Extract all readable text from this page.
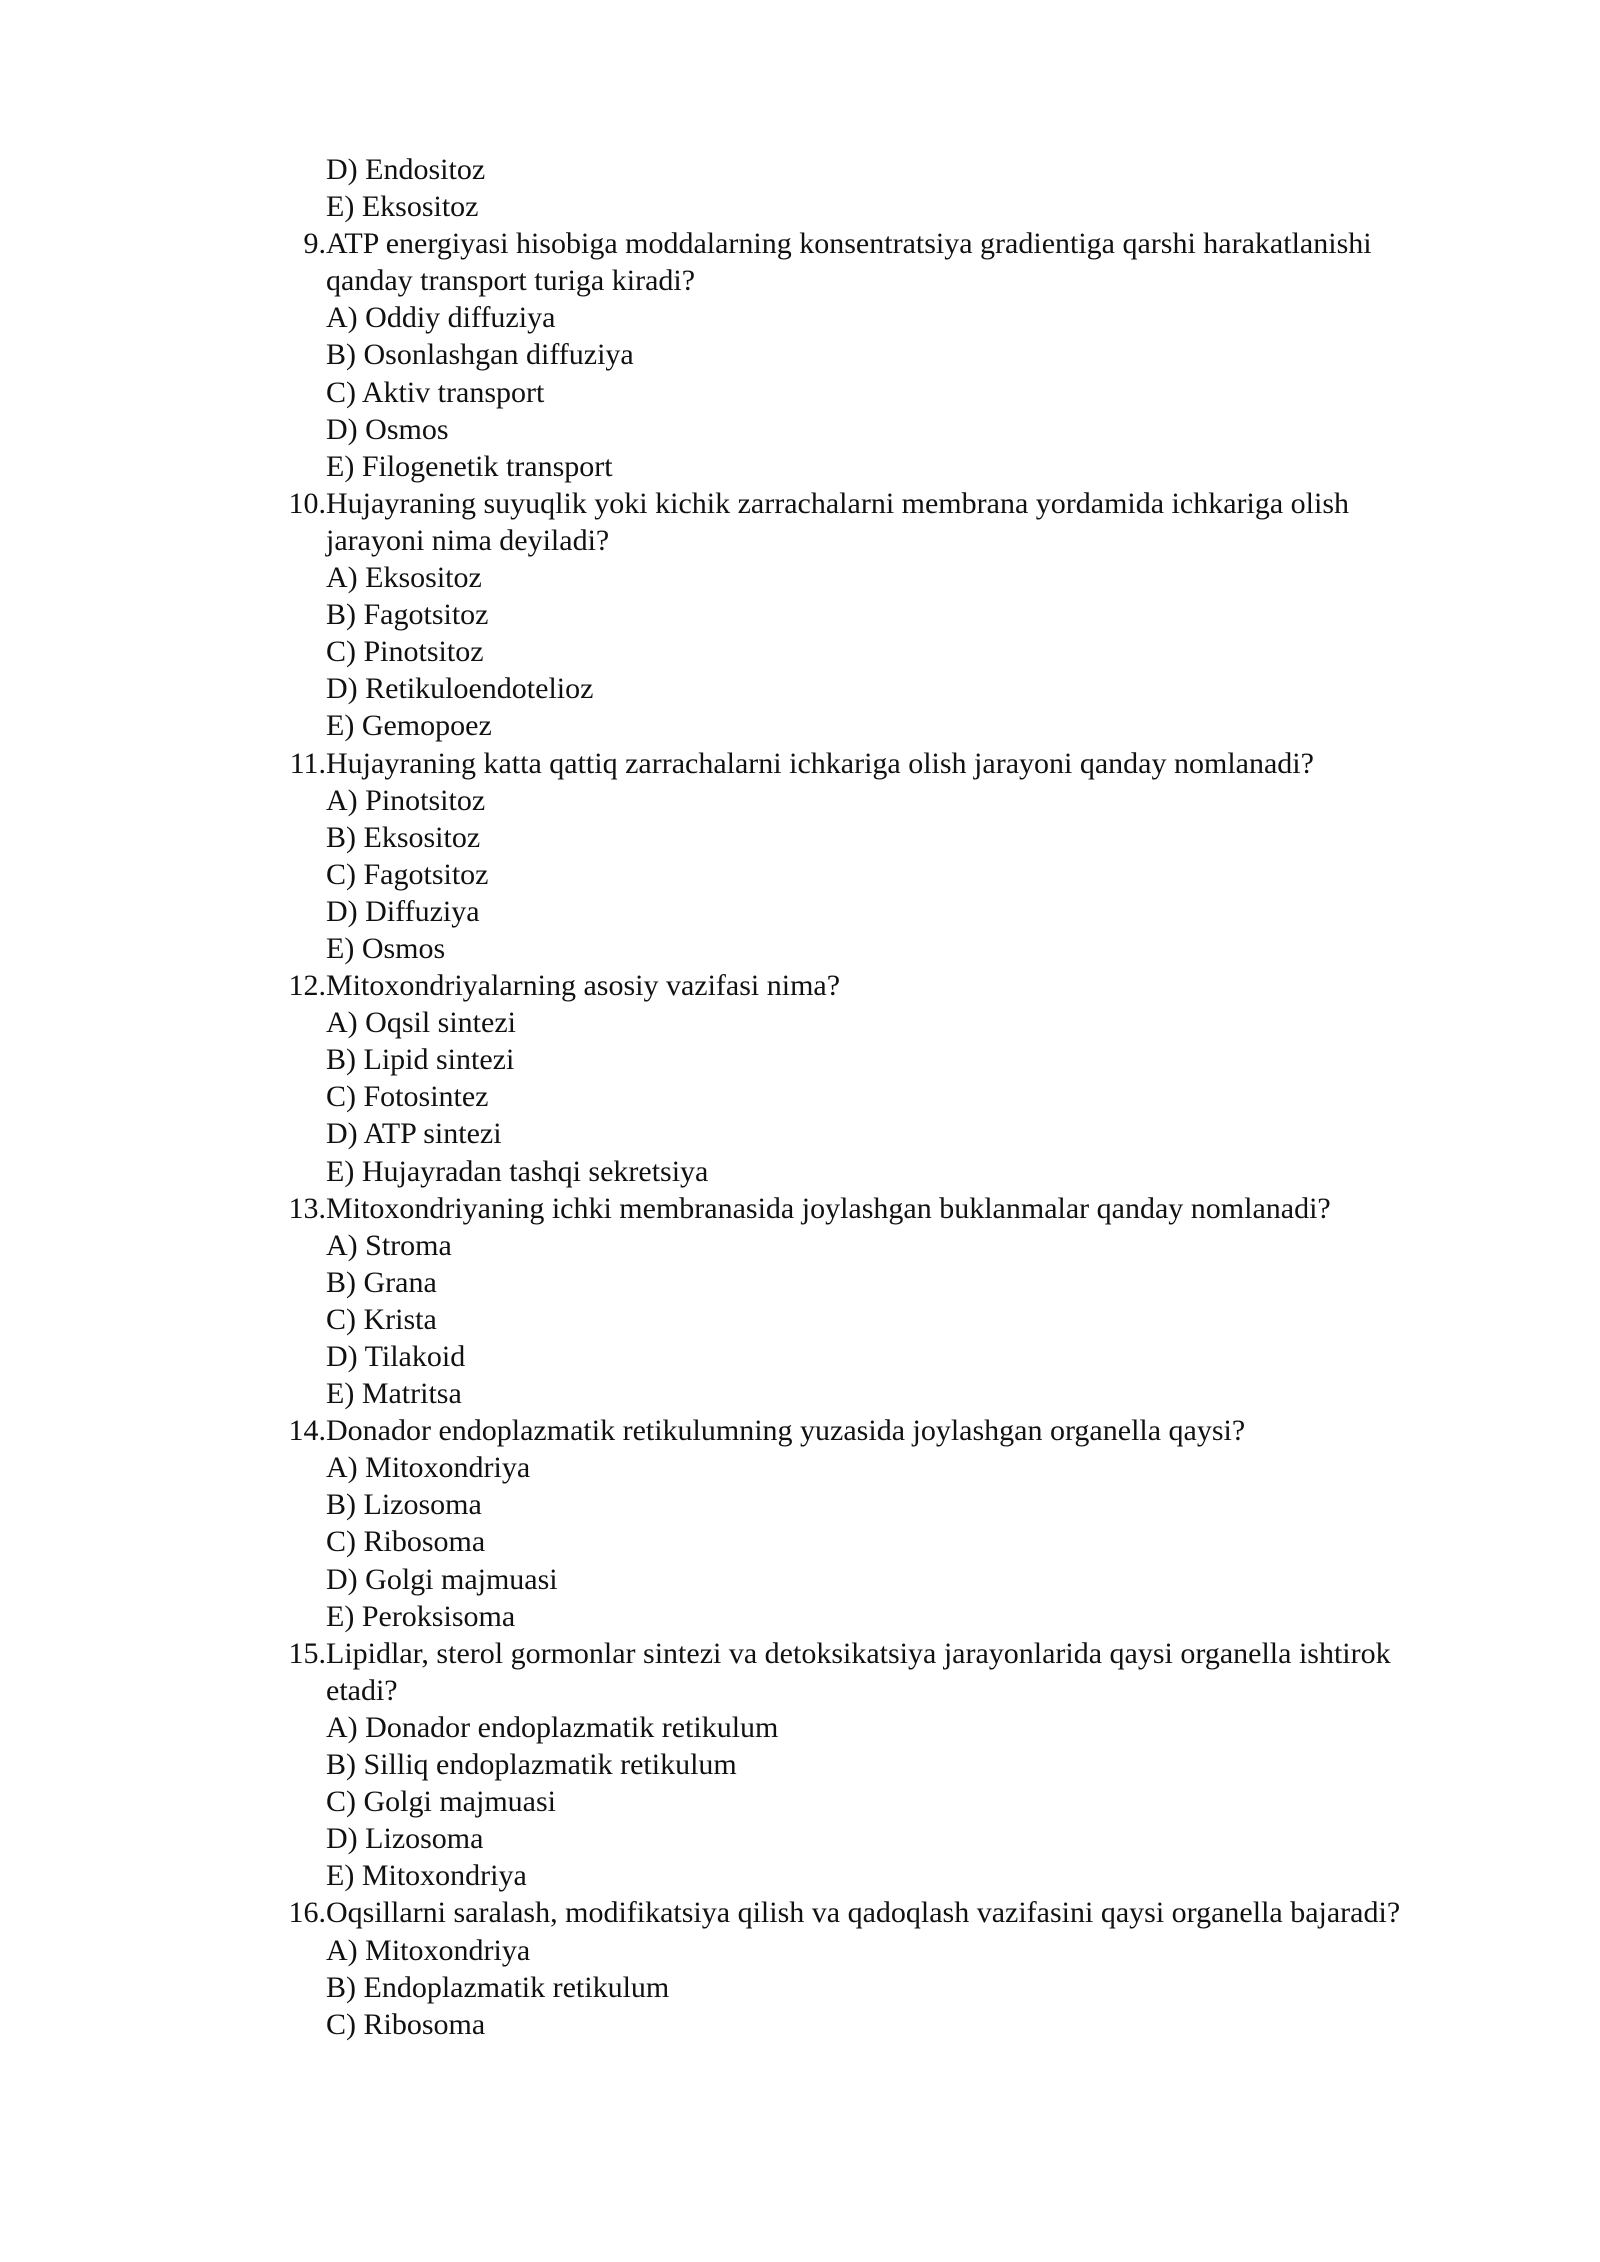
D) Endositoz
E) Eksositoz
9. ATP energiyasi hisobiga moddalarning konsentratsiya gradientiga qarshi harakatlanishi
qanday transport turiga kiradi?
A) Oddiy diffuziya
B) Osonlashgan diffuziya
C) Aktiv transport
D) Osmos
E) Filogenetik transport
10. Hujayraning suyuqlik yoki kichik zarrachalarni membrana yordamida ichkariga olish
jarayoni nima deyiladi?
A) Eksositoz
B) Fagotsitoz
C) Pinotsitoz
D) Retikuloendotelioz
E) Gemopoez
11. Hujayraning katta qattiq zarrachalarni ichkariga olish jarayoni qanday nomlanadi?
A) Pinotsitoz
B) Eksositoz
C) Fagotsitoz
D) Diffuziya
E) Osmos
12. Mitoxondriyalarning asosiy vazifasi nima?
A) Oqsil sintezi
B) Lipid sintezi
C) Fotosintez
D) ATP sintezi
E) Hujayradan tashqi sekretsiya
13. Mitoxondriyaning ichki membranasida joylashgan buklanmalar qanday nomlanadi?
A) Stroma
B) Grana
C) Krista
D) Tilakoid
E) Matritsa
14. Donador endoplazmatik retikulumning yuzasida joylashgan organella qaysi?
A) Mitoxondriya
B) Lizosoma
C) Ribosoma
D) Golgi majmuasi
E) Peroksisoma
15. Lipidlar, sterol gormonlar sintezi va detoksikatsiya jarayonlarida qaysi organella ishtirok
etadi?
A) Donador endoplazmatik retikulum
B) Silliq endoplazmatik retikulum
C) Golgi majmuasi
D) Lizosoma
E) Mitoxondriya
16. Oqsillarni saralash, modifikatsiya qilish va qadoqlash vazifasini qaysi organella bajaradi?
A) Mitoxondriya
B) Endoplazmatik retikulum
C) Ribosoma
